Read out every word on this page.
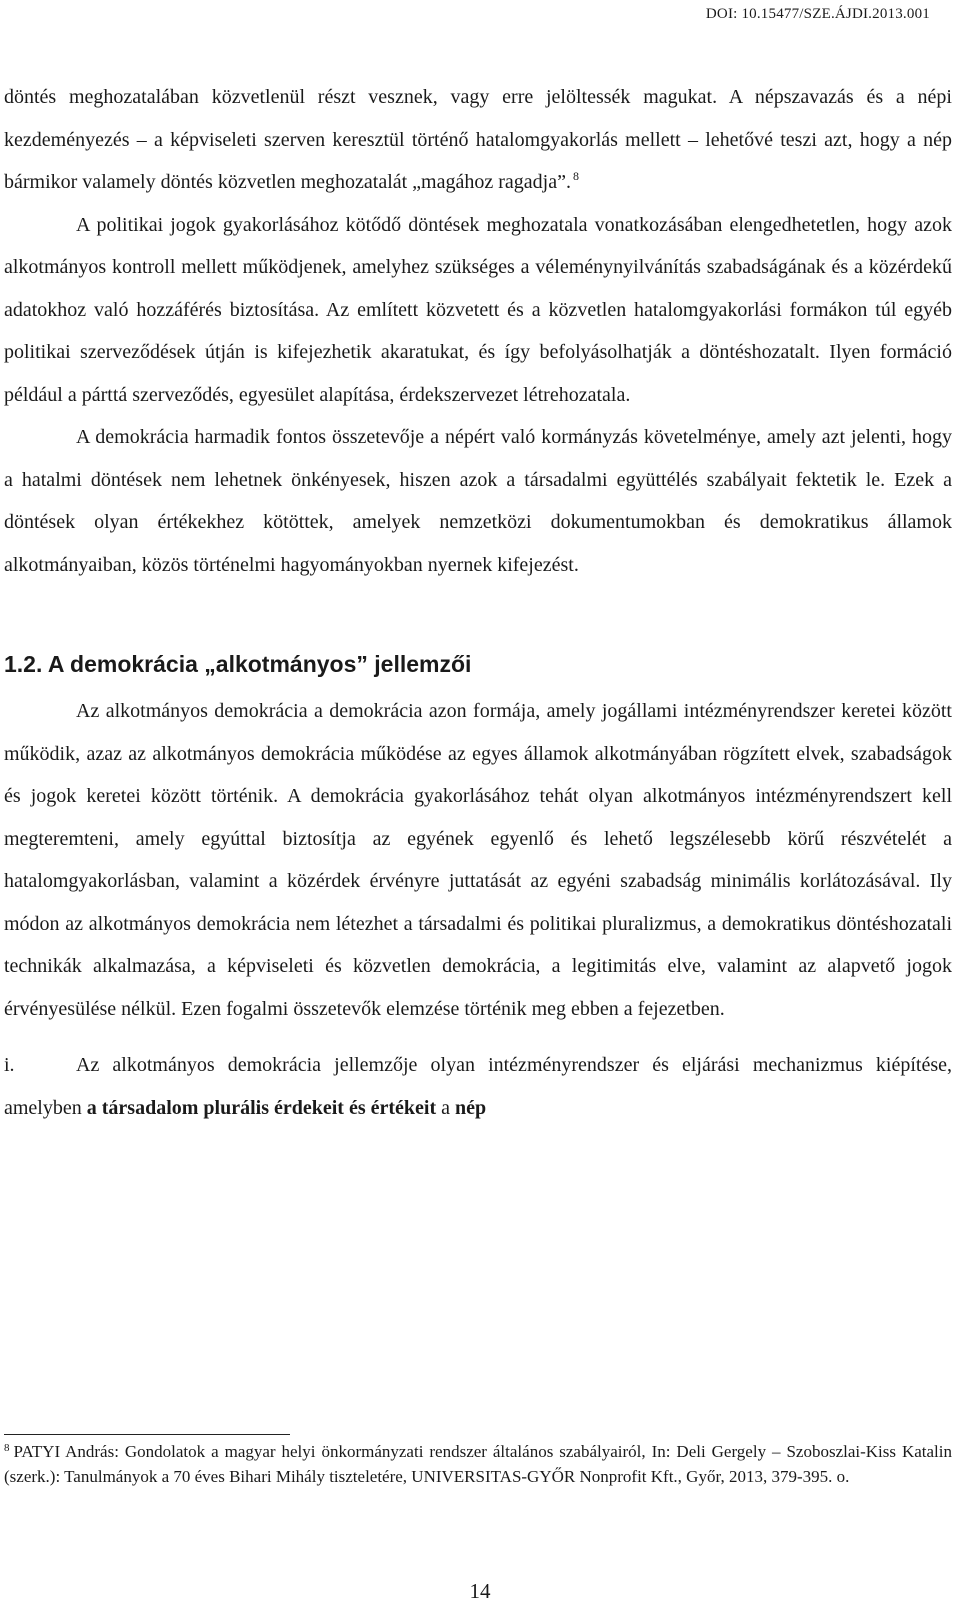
DOI: 10.15477/SZE.ÁJDI.2013.001

döntés meghozatalában közvetlenül részt vesznek, vagy erre jelöltessék magukat. A népszavazás és a népi kezdeményezés – a képviseleti szerven keresztül történő hatalomgyakorlás mellett – lehetővé teszi azt, hogy a nép bármikor valamely döntés közvetlen meghozatalát „magához ragadja”. $^8$

A politikai jogok gyakorlásához kötődő döntések meghozatala vonatkozásában elengedhetetlen, hogy azok alkotmányos kontroll mellett működjenek, amelyhez szükséges a véleménynyilvánítás szabadságának és a közérdekű adatokhoz való hozzáférés biztosítása. Az említett közvetett és a közvetlen hatalomgyakorlási formákon túl egyéb politikai szerveződések útján is kifejezhetik akaratukat, és így befolyásolhatják a döntéshozatalt. Ilyen formáció például a párttá szerveződés, egyesület alapítása, érdekszervezet létrehozatala.

A demokrácia harmadik fontos összetevője a népért való kormányzás követelménye, amely azt jelenti, hogy a hatalmi döntések nem lehetnek önkényesek, hiszen azok a társadalmi együttélés szabályait fektetik le. Ezek a döntések olyan értékekhez kötöttek, amelyek nemzetközi dokumentumokban és demokratikus államok alkotmányaiban, közös történelmi hagyományokban nyernek kifejezést.

1.2. A demokrácia „alkotmányos” jellemzői

Az alkotmányos demokrácia a demokrácia azon formája, amely jogállami intézményrendszer keretei között működik, azaz az alkotmányos demokrácia működése az egyes államok alkotmányában rögzített elvek, szabadságok és jogok keretei között történik. A demokrácia gyakorlásához tehát olyan alkotmányos intézményrendszert kell megteremteni, amely egyúttal biztosítja az egyének egyenlő és lehető legszélesebb körű részvételét a hatalomgyakorlásban, valamint a közérdek érvényre juttatását az egyéni szabadság minimális korlátozásával. Ily módon az alkotmányos demokrácia nem létezhet a társadalmi és politikai pluralizmus, a demokratikus döntéshozatali technikák alkalmazása, a képviseleti és közvetlen demokrácia, a legitimitás elve, valamint az alapvető jogok érvényesülése nélkül. Ezen fogalmi összetevők elemzése történik meg ebben a fejezetben.

i.	Az alkotmányos demokrácia jellemzője olyan intézményrendszer és eljárási mechanizmus kiépítése, amelyben a társadalom plurális érdekeit és értékeit a nép

$^8$ PATYI András: Gondolatok a magyar helyi önkormányzati rendszer általános szabályairól, In: Deli Gergely – Szoboszlai-Kiss Katalin (szerk.): Tanulmányok a 70 éves Bihari Mihály tiszteletére, UNIVERSITAS-GYŐR Nonprofit Kft., Győr, 2013, 379-395. o.
14
